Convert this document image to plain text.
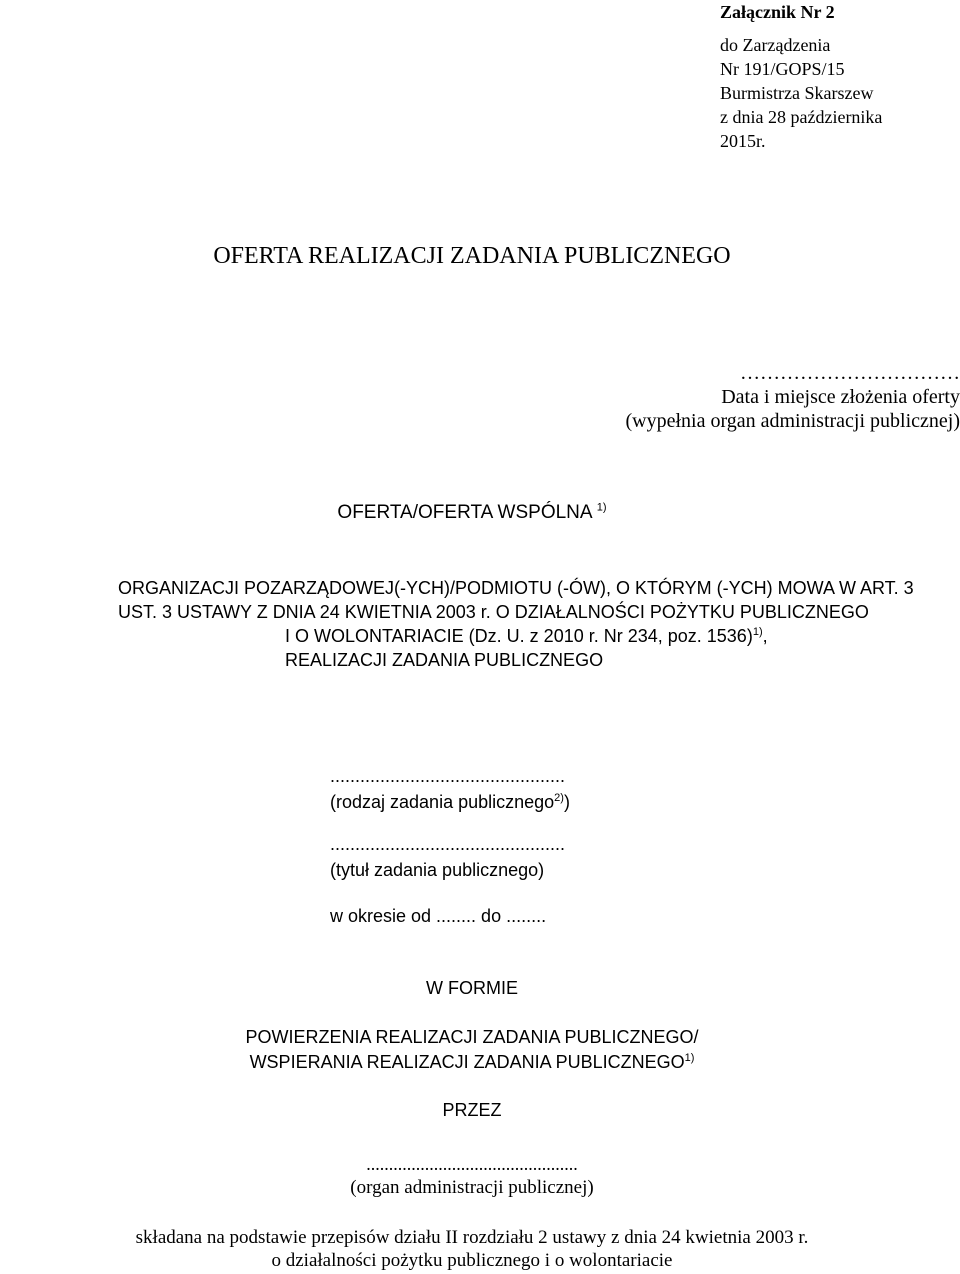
Załącznik Nr 2
do Zarządzenia
Nr 191/GOPS/15
Burmistrza Skarszew
z dnia 28 października
2015r.
OFERTA REALIZACJI ZADANIA PUBLICZNEGO
……………………………
Data i miejsce złożenia oferty
(wypełnia organ administracji publicznej)
OFERTA/OFERTA WSPÓLNA $^{1)}$
ORGANIZACJI POZARZĄDOWEJ(-YCH)/PODMIOTU (-ÓW), O KTÓRYM (-YCH) MOWA W ART. 3
UST. 3 USTAWY Z DNIA 24 KWIETNIA 2003 r. O DZIAŁALNOŚCI POŻYTKU PUBLICZNEGO
I O WOLONTARIACIE (Dz. U. z 2010 r. Nr 234, poz. 1536)$^{1)}$,
REALIZACJI ZADANIA PUBLICZNEGO
...............................................
(rodzaj zadania publicznego$^{2)}$)
...............................................
(tytuł zadania publicznego)
w okresie od ........ do ........
W FORMIE
POWIERZENIA REALIZACJI ZADANIA PUBLICZNEGO/
WSPIERANIA REALIZACJI ZADANIA PUBLICZNEGO$^{1)}$
PRZEZ
...............................................
(organ administracji publicznej)
składana na podstawie przepisów działu II rozdziału 2 ustawy z dnia 24 kwietnia 2003 r.
o działalności pożytku publicznego i o wolontariacie
